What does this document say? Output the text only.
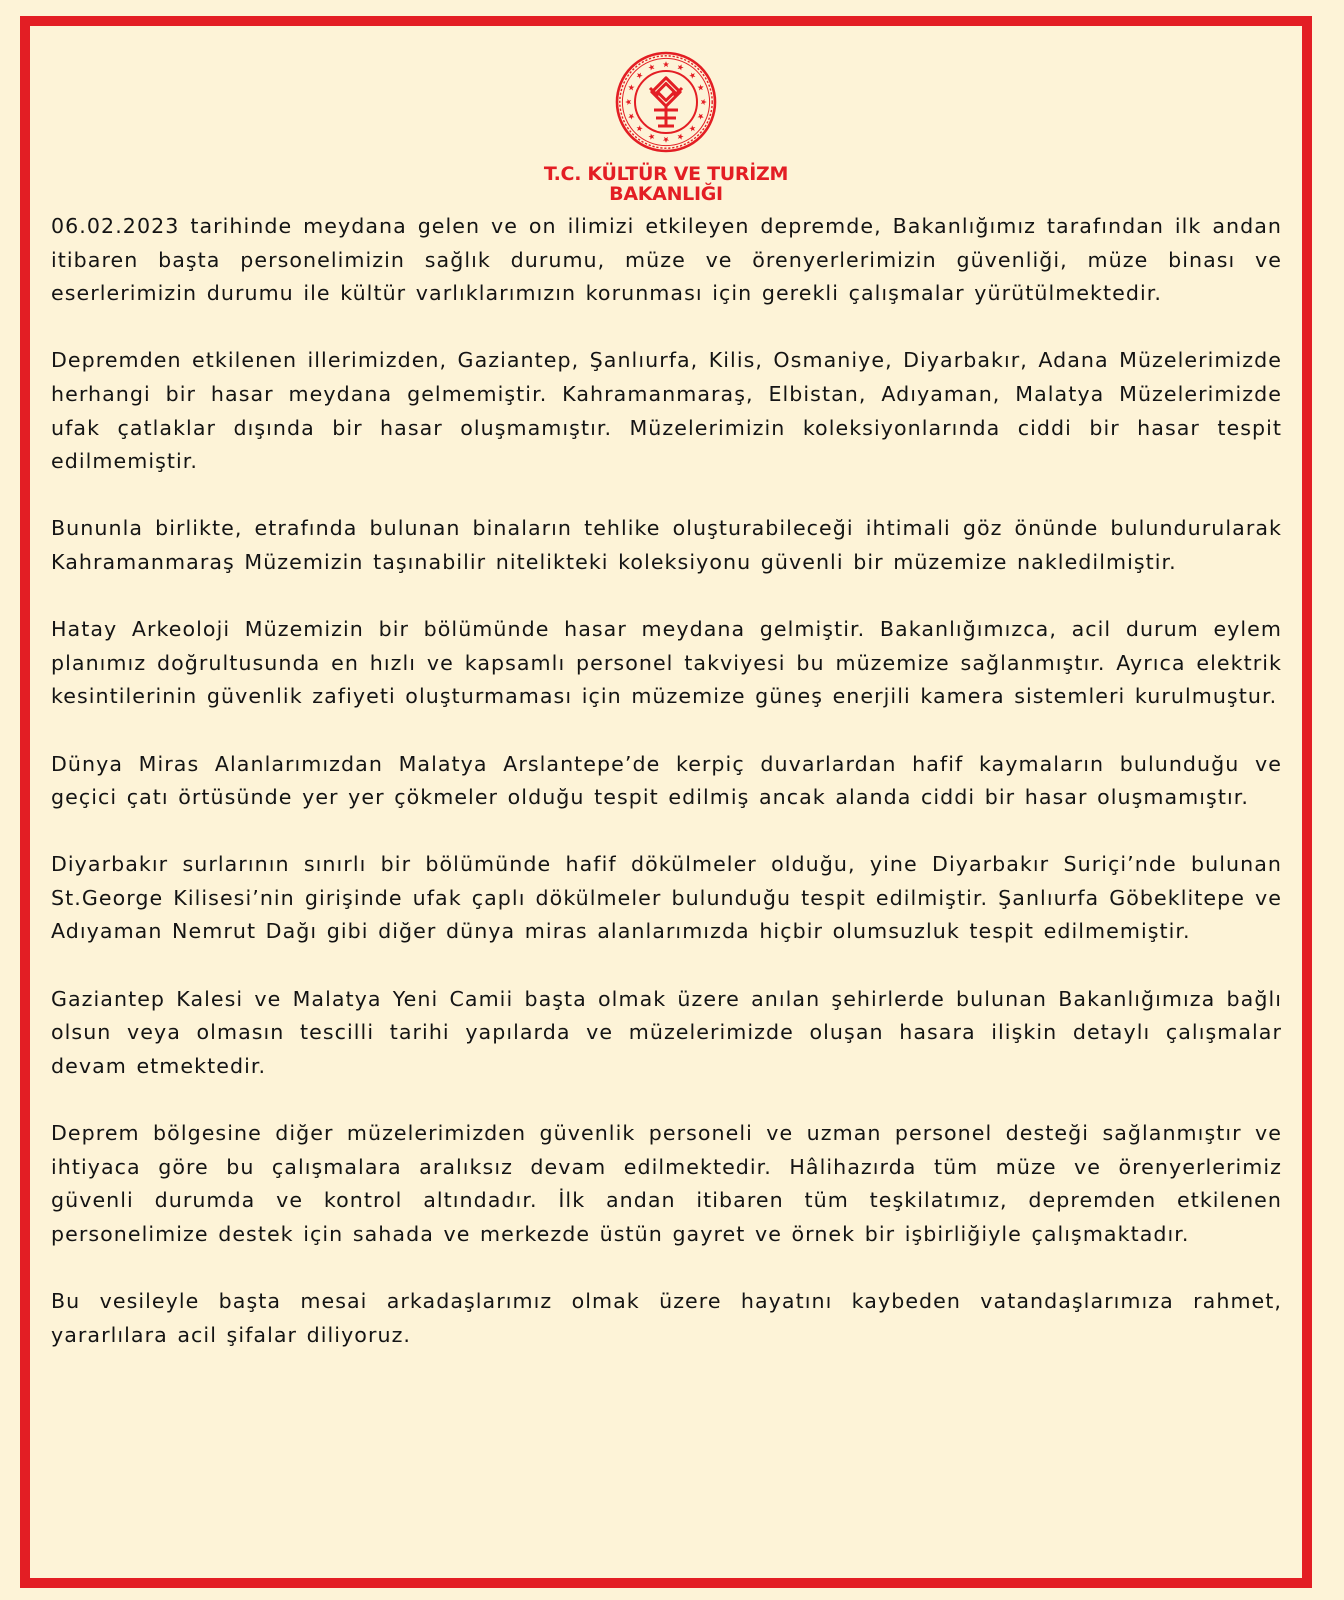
T.C. KÜLTÜR VE TURİZM
BAKANLIĞI

06.02.2023 tarihinde meydana gelen ve on ilimizi etkileyen depremde, Bakanlığımız tarafından ilk andan itibaren başta personelimizin sağlık durumu, müze ve örenyerlerimizin güvenliği, müze binası ve eserlerimizin durumu ile kültür varlıklarımızın korunması için gerekli çalışmalar yürütülmektedir.

Depremden etkilenen illerimizden, Gaziantep, Şanlıurfa, Kilis, Osmaniye, Diyarbakır, Adana Müzelerimizde herhangi bir hasar meydana gelmemiştir. Kahramanmaraş, Elbistan, Adıyaman, Malatya Müzelerimizde ufak çatlaklar dışında bir hasar oluşmamıştır. Müzelerimizin koleksiyonlarında ciddi bir hasar tespit edilmemiştir.

Bununla birlikte, etrafında bulunan binaların tehlike oluşturabileceği ihtimali göz önünde bulundurularak Kahramanmaraş Müzemizin taşınabilir nitelikteki koleksiyonu güvenli bir müzemize nakledilmiştir.

Hatay Arkeoloji Müzemizin bir bölümünde hasar meydana gelmiştir. Bakanlığımızca, acil durum eylem planımız doğrultusunda en hızlı ve kapsamlı personel takviyesi bu müzemize sağlanmıştır. Ayrıca elektrik kesintilerinin güvenlik zafiyeti oluşturmaması için müzemize güneş enerjili kamera sistemleri kurulmuştur.

Dünya Miras Alanlarımızdan Malatya Arslantepe’de kerpiç duvarlardan hafif kaymaların bulunduğu ve geçici çatı örtüsünde yer yer çökmeler olduğu tespit edilmiş ancak alanda ciddi bir hasar oluşmamıştır.

Diyarbakır surlarının sınırlı bir bölümünde hafif dökülmeler olduğu, yine Diyarbakır Suriçi’nde bulunan St.George Kilisesi’nin girişinde ufak çaplı dökülmeler bulunduğu tespit edilmiştir. Şanlıurfa Göbeklitepe ve Adıyaman Nemrut Dağı gibi diğer dünya miras alanlarımızda hiçbir olumsuzluk tespit edilmemiştir.

Gaziantep Kalesi ve Malatya Yeni Camii başta olmak üzere anılan şehirlerde bulunan Bakanlığımıza bağlı olsun veya olmasın tescilli tarihi yapılarda ve müzelerimizde oluşan hasara ilişkin detaylı çalışmalar devam etmektedir.

Deprem bölgesine diğer müzelerimizden güvenlik personeli ve uzman personel desteği sağlanmıştır ve ihtiyaca göre bu çalışmalara aralıksız devam edilmektedir. Hâlihazırda tüm müze ve örenyerlerimiz güvenli durumda ve kontrol altındadır. İlk andan itibaren tüm teşkilatımız, depremden etkilenen personelimize destek için sahada ve merkezde üstün gayret ve örnek bir işbirliğiyle çalışmaktadır.

Bu vesileyle başta mesai arkadaşlarımız olmak üzere hayatını kaybeden vatandaşlarımıza rahmet, yararlılara acil şifalar diliyoruz.
